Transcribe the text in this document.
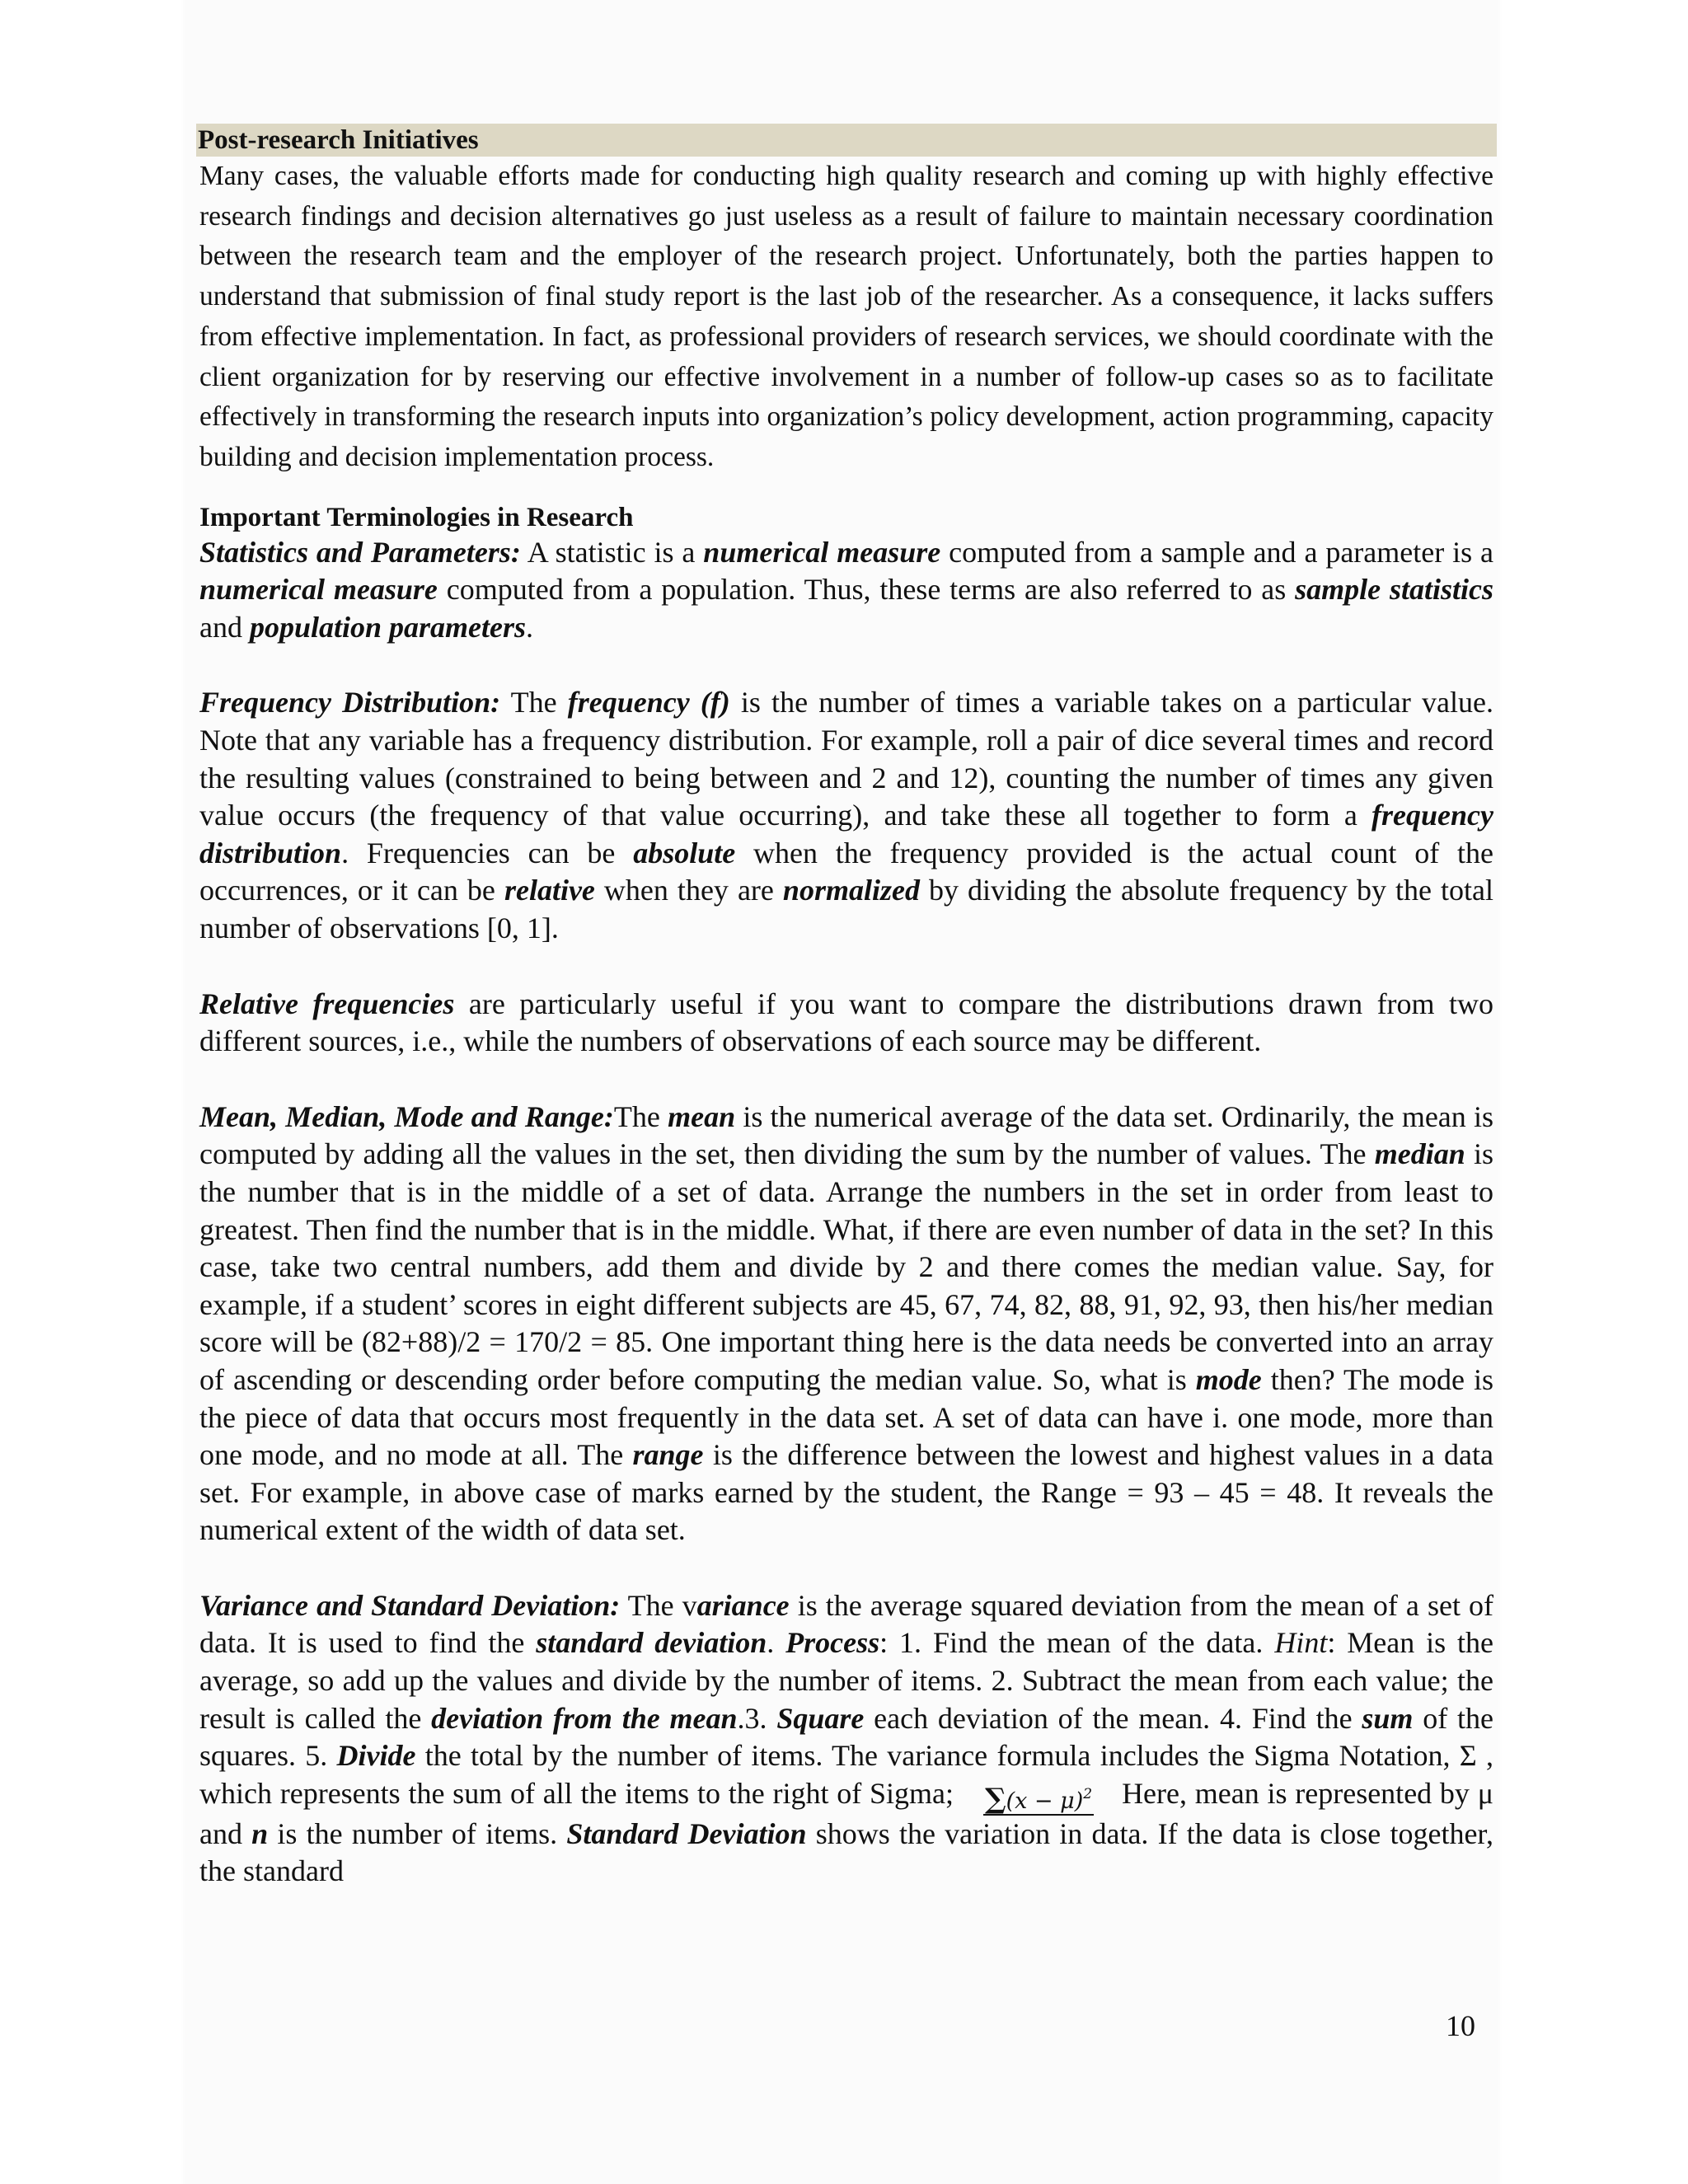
Post-research Initiatives

Many cases, the valuable efforts made for conducting high quality research and coming up with highly effective research findings and decision alternatives go just useless as a result of failure to maintain necessary coordination between the research team and the employer of the research project. Unfortunately, both the parties happen to understand that submission of final study report is the last job of the researcher. As a consequence, it lacks suffers from effective implementation. In fact, as professional providers of research services, we should coordinate with the client organization for by reserving our effective involvement in a number of follow-up cases so as to facilitate effectively in transforming the research inputs into organization’s policy development, action programming, capacity building and decision implementation process.

Important Terminologies in Research

Statistics and Parameters: A statistic is a numerical measure computed from a sample and a parameter is a numerical measure computed from a population. Thus, these terms are also referred to as sample statistics and population parameters.

Frequency Distribution: The frequency (f) is the number of times a variable takes on a particular value. Note that any variable has a frequency distribution. For example, roll a pair of dice several times and record the resulting values (constrained to being between and 2 and 12), counting the number of times any given value occurs (the frequency of that value occurring), and take these all together to form a frequency distribution. Frequencies can be absolute when the frequency provided is the actual count of the occurrences, or it can be relative when they are normalized by dividing the absolute frequency by the total number of observations [0, 1].

Relative frequencies are particularly useful if you want to compare the distributions drawn from two different sources, i.e., while the numbers of observations of each source may be different.

Mean, Median, Mode and Range:The mean is the numerical average of the data set. Ordinarily, the mean is computed by adding all the values in the set, then dividing the sum by the number of values. The median is the number that is in the middle of a set of data. Arrange the numbers in the set in order from least to greatest. Then find the number that is in the middle. What, if there are even number of data in the set? In this case, take two central numbers, add them and divide by 2 and there comes the median value. Say, for example, if a student’ scores in eight different subjects are 45, 67, 74, 82, 88, 91, 92, 93, then his/her median score will be (82+88)/2 = 170/2 = 85. One important thing here is the data needs be converted into an array of ascending or descending order before computing the median value. So, what is mode then? The mode is the piece of data that occurs most frequently in the data set. A set of data can have i. one mode, more than one mode, and no mode at all. The range is the difference between the lowest and highest values in a data set. For example, in above case of marks earned by the student, the Range = 93 – 45 = 48. It reveals the numerical extent of the width of data set.

Variance and Standard Deviation: The variance is the average squared deviation from the mean of a set of data. It is used to find the standard deviation. Process: 1. Find the mean of the data. Hint: Mean is the average, so add up the values and divide by the number of items. 2. Subtract the mean from each value; the result is called the deviation from the mean.3. Square each deviation of the mean. 4. Find the sum of the squares. 5. Divide the total by the number of items. The variance formula includes the Sigma Notation, Σ , which represents the sum of all the items to the right of Sigma; $\sum(x - \mu)^2$ Here, mean is represented by μ and n is the number of items. Standard Deviation shows the variation in data. If the data is close together, the standard

10
